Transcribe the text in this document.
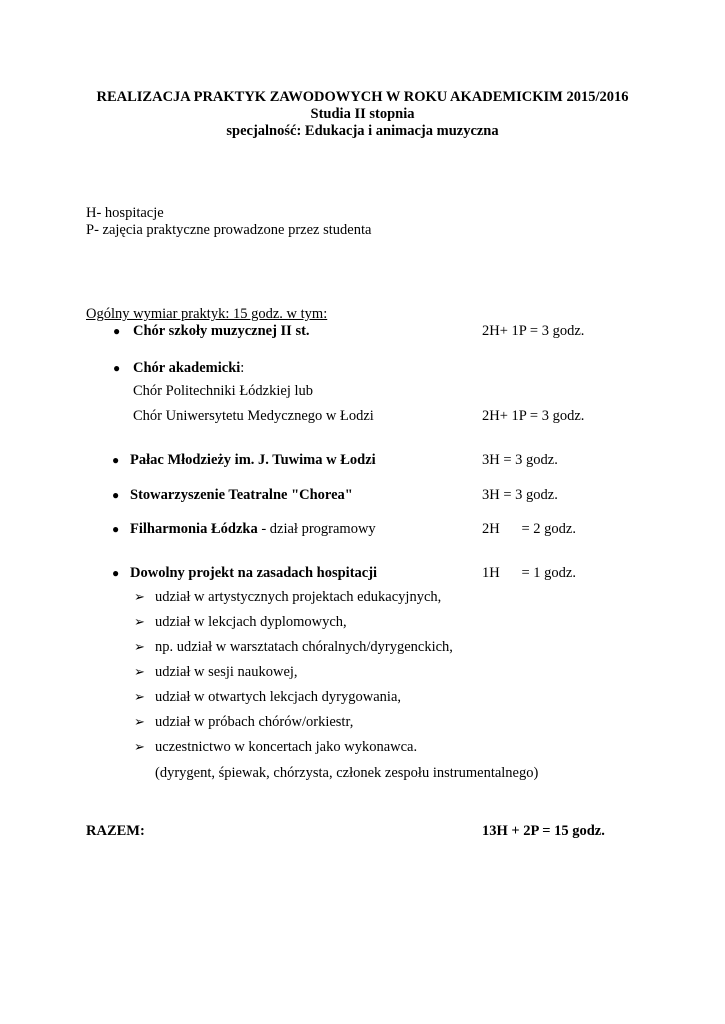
REALIZACJA PRAKTYK ZAWODOWYCH W ROKU AKADEMICKIM 2015/2016
Studia II stopnia
specjalność: Edukacja i animacja muzyczna
H- hospitacje
P- zajęcia praktyczne prowadzone przez studenta
Ogólny wymiar praktyk: 15 godz. w tym:
● Chór szkoły muzycznej II st.	2H+ 1P = 3 godz.
● Chór akademicki:
Chór Politechniki Łódzkiej lub
Chór Uniwersytetu Medycznego w Łodzi	2H+ 1P = 3 godz.
● Pałac Młodzieży im. J. Tuwima w Łodzi	3H = 3 godz.
● Stowarzyszenie Teatralne "Chorea"	3H = 3 godz.
● Filharmonia Łódzka - dział programowy	2H      = 2 godz.
● Dowolny projekt na zasadach hospitacji	1H      = 1 godz.
➢ udział w artystycznych projektach edukacyjnych,
➢ udział w lekcjach dyplomowych,
➢ np. udział w warsztatach chóralnych/dyrygenckich,
➢ udział w sesji naukowej,
➢ udział w otwartych lekcjach dyrygowania,
➢ udział w próbach chórów/orkiestr,
➢ uczestnictwo w koncertach jako wykonawca.
(dyrygent, śpiewak, chórzysta, członek zespołu instrumentalnego)
RAZEM:	13H + 2P = 15 godz.
